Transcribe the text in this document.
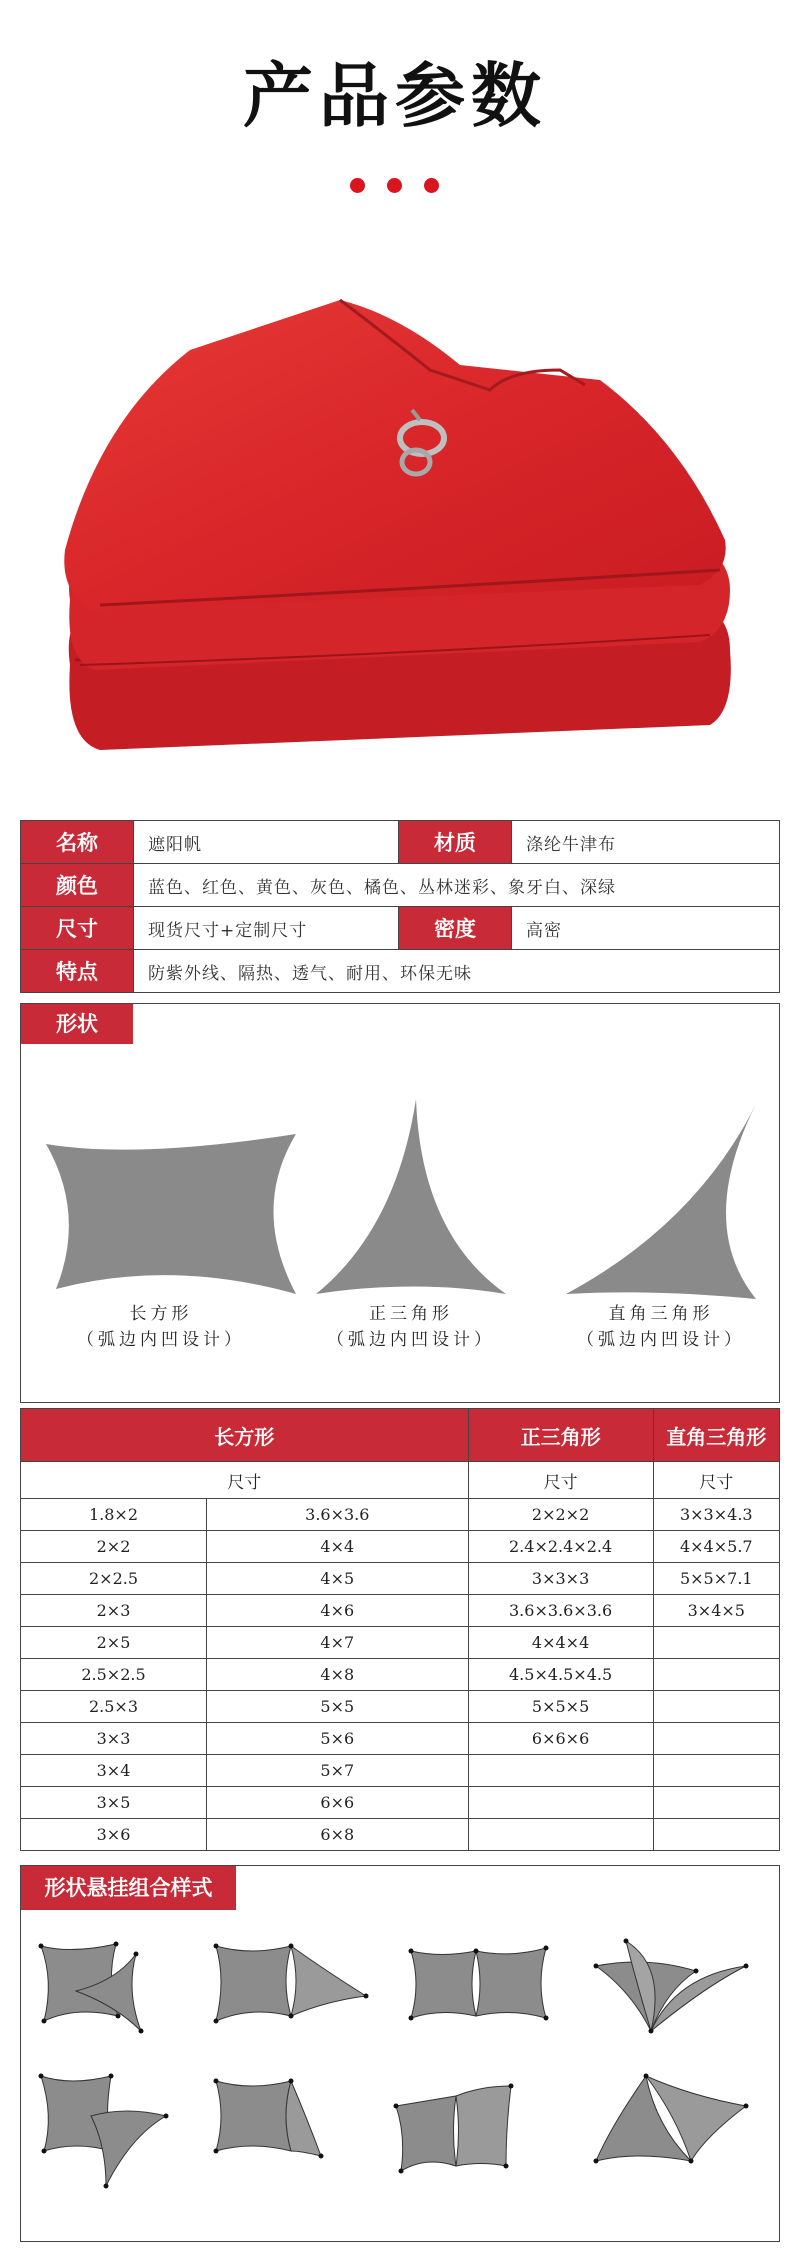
产品参数
名称	遮阳帆	材质	涤纶牛津布
颜色	蓝色、红色、黄色、灰色、橘色、丛林迷彩、象牙白、深绿		
尺寸	现货尺寸+定制尺寸	密度	高密
特点	防紫外线、隔热、透气、耐用、环保无味		
形状
长方形
（弧边内凹设计）
正三角形
（弧边内凹设计）
直角三角形
（弧边内凹设计）
长方形		正三角形	直角三角形
尺寸		尺寸	尺寸
1.8×2	3.6×3.6	2×2×2	3×3×4.3
2×2	4×4	2.4×2.4×2.4	4×4×5.7
2×2.5	4×5	3×3×3	5×5×7.1
2×3	4×6	3.6×3.6×3.6	3×4×5
2×5	4×7	4×4×4	
2.5×2.5	4×8	4.5×4.5×4.5	
2.5×3	5×5	5×5×5	
3×3	5×6	6×6×6	
3×4	5×7		
3×5	6×6		
3×6	6×8		
形状悬挂组合样式
